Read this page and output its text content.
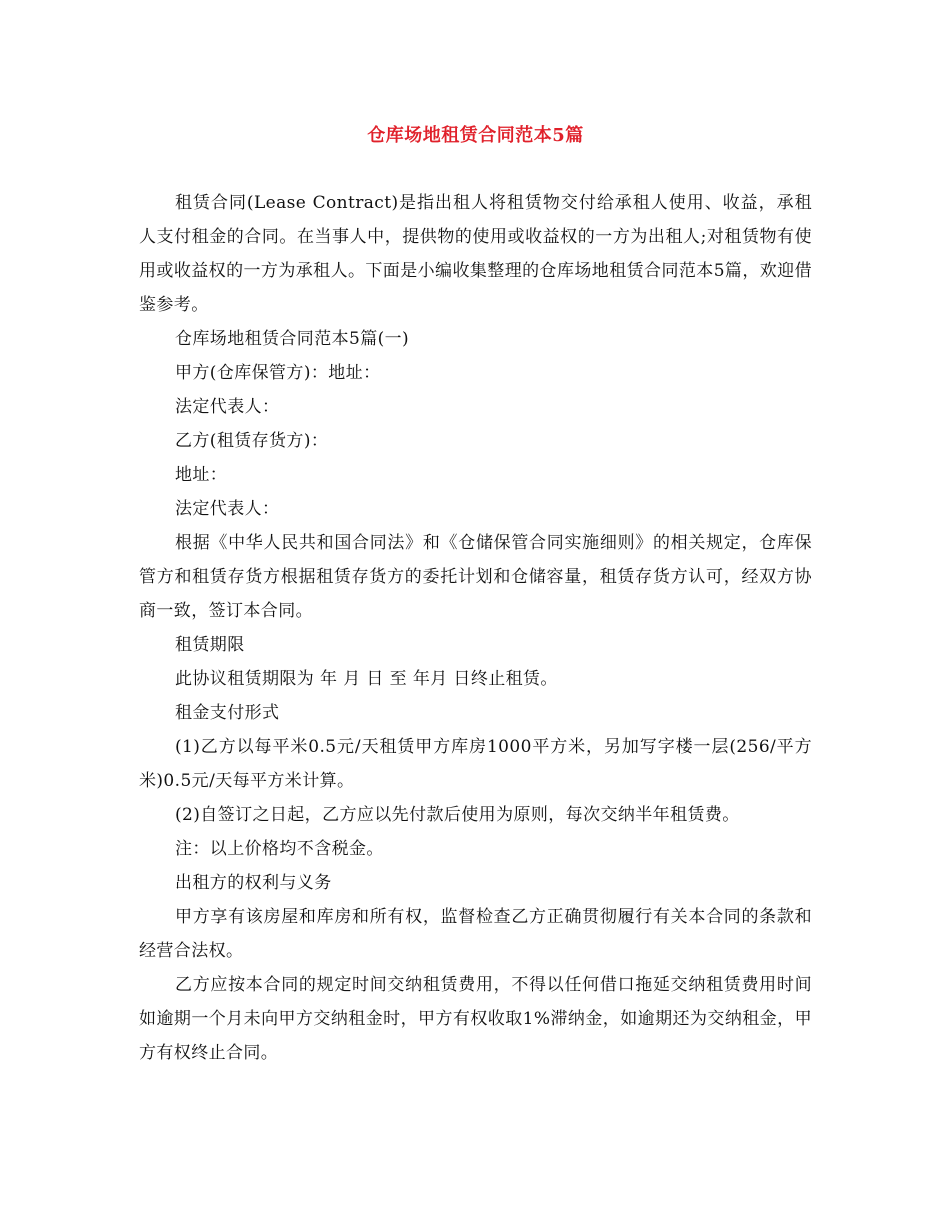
仓库场地租赁合同范本5篇

租赁合同(Lease Contract)是指出租人将租赁物交付给承租人使用、收益，承租人支付租金的合同。在当事人中，提供物的使用或收益权的一方为出租人;对租赁物有使用或收益权的一方为承租人。下面是小编收集整理的仓库场地租赁合同范本5篇，欢迎借鉴参考。

仓库场地租赁合同范本5篇(一)

甲方(仓库保管方)：地址：

法定代表人：

乙方(租赁存货方)：

地址：

法定代表人：

根据《中华人民共和国合同法》和《仓储保管合同实施细则》的相关规定，仓库保管方和租赁存货方根据租赁存货方的委托计划和仓储容量，租赁存货方认可，经双方协商一致，签订本合同。

租赁期限

此协议租赁期限为 年 月 日 至 年月 日终止租赁。

租金支付形式

(1)乙方以每平米0.5元/天租赁甲方库房1000平方米，另加写字楼一层(256/平方米)0.5元/天每平方米计算。

(2)自签订之日起，乙方应以先付款后使用为原则，每次交纳半年租赁费。

注：以上价格均不含税金。

出租方的权利与义务

甲方享有该房屋和库房和所有权，监督检查乙方正确贯彻履行有关本合同的条款和经营合法权。

乙方应按本合同的规定时间交纳租赁费用，不得以任何借口拖延交纳租赁费用时间如逾期一个月未向甲方交纳租金时，甲方有权收取1%滞纳金，如逾期还为交纳租金，甲方有权终止合同。
